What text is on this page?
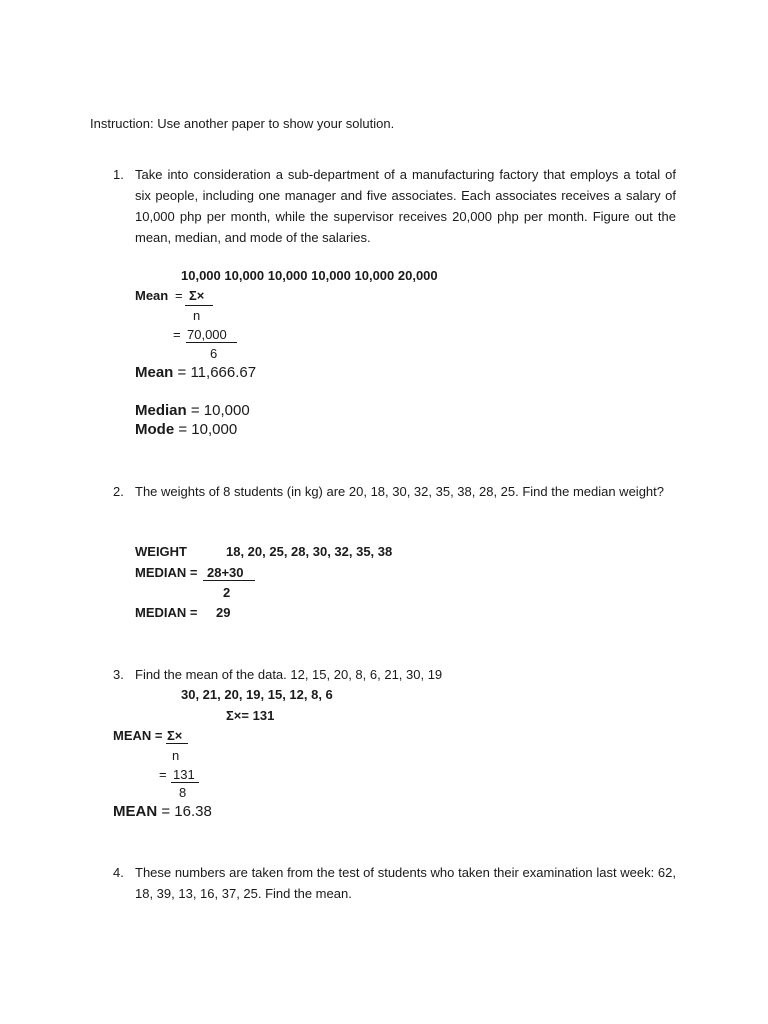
Instruction: Use another paper to show your solution.
1. Take into consideration a sub-department of a manufacturing factory that employs a total of six people, including one manager and five associates. Each associates receives a salary of 10,000 php per month, while the supervisor receives 20,000 php per month. Figure out the mean, median, and mode of the salaries.
10,000 10,000 10,000 10,000 10,000 20,000
Mean = Σ×
n
= 70,000
6
Mean = 11,666.67
Median = 10,000
Mode = 10,000
2. The weights of 8 students (in kg) are 20, 18, 30, 32, 35, 38, 28, 25. Find the median weight?
WEIGHT	18, 20, 25, 28, 30, 32, 35, 38
MEDIAN = 28+30
2
MEDIAN = 29
3. Find the mean of the data. 12, 15, 20, 8, 6, 21, 30, 19
30, 21, 20, 19, 15, 12, 8, 6
Σ×= 131
MEAN = Σ×
n
= 131
8
MEAN = 16.38
4. These numbers are taken from the test of students who taken their examination last week: 62, 18, 39, 13, 16, 37, 25. Find the mean.
